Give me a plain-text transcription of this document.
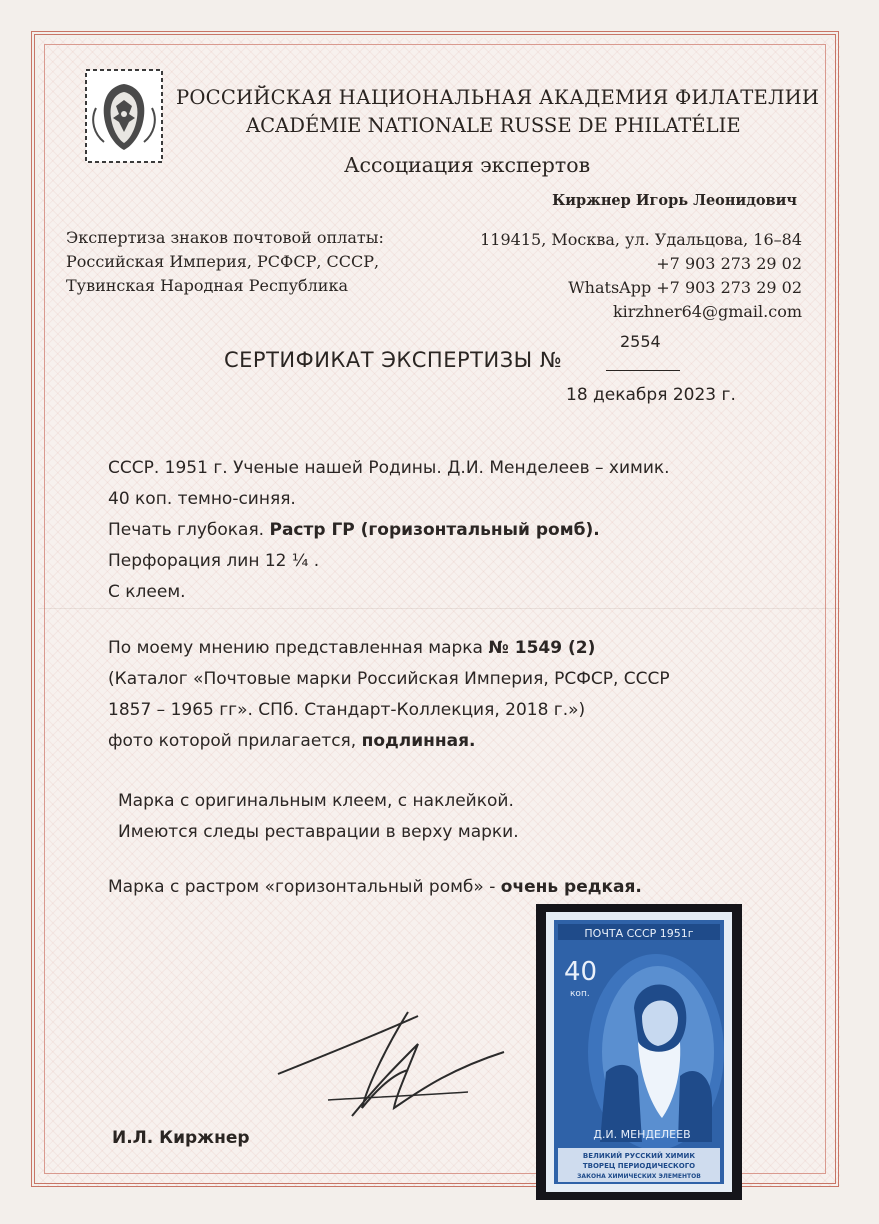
РОССИЙСКАЯ НАЦИОНАЛЬНАЯ АКАДЕМИЯ ФИЛАТЕЛИИ
ACADÉMIE NATIONALE RUSSE DE PHILATÉLIE
Ассоциация экспертов
Киржнер Игорь Леонидович
Экспертиза знаков почтовой оплаты:
Российская Империя, РСФСР, СССР,
Тувинская Народная Республика
119415, Москва, ул. Удальцова, 16–84
+7 903 273 29 02
WhatsApp +7 903 273 29 02
kirzhner64@gmail.com
СЕРТИФИКАТ ЭКСПЕРТИЗЫ №
2554
18 декабря 2023 г.
СССР. 1951 г. Ученые нашей Родины. Д.И. Менделеев – химик.
40 коп. темно-синяя.
Печать глубокая. Растр ГР (горизонтальный ромб).
Перфорация лин 12 ¼ .
С клеем.
По моему мнению представленная марка № 1549 (2)
(Каталог «Почтовые марки Российская Империя, РСФСР, СССР
1857 – 1965 гг». СПб. Стандарт-Коллекция, 2018 г.»)
фото которой прилагается, подлинная.
Марка с оригинальным клеем, с наклейкой.
Имеются следы реставрации в верху марки.
Марка с растром «горизонтальный ромб» - очень редкая.
ПОЧТА СССР 1951г
40
коп.
Д.И. МЕНДЕЛЕЕВ
ВЕЛИКИЙ РУССКИЙ ХИМИК
ТВОРЕЦ ПЕРИОДИЧЕСКОГО
ЗАКОНА ХИМИЧЕСКИХ ЭЛЕМЕНТОВ
И.Л. Киржнер
